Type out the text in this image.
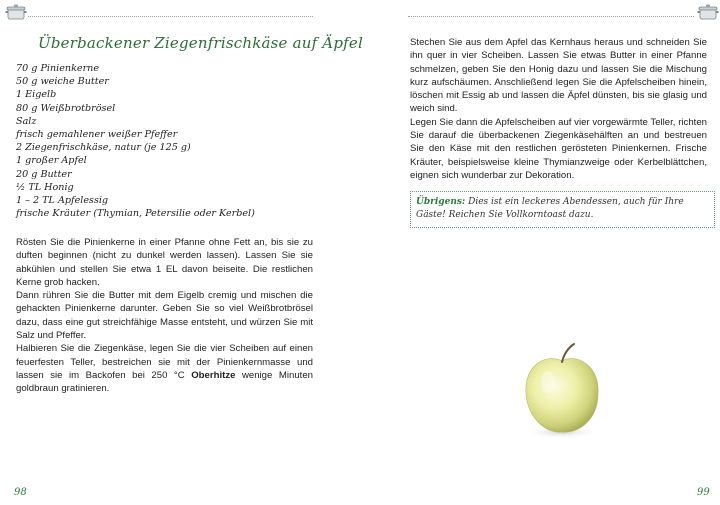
Überbackener Ziegenfrischkäse auf Äpfel
70 g Pinienkerne
50 g weiche Butter
1 Eigelb
80 g Weißbrotbrösel
Salz
frisch gemahlener weißer Pfeffer
2 Ziegenfrischkäse, natur (je 125 g)
1 großer Apfel
20 g Butter
½ TL Honig
1 – 2 TL Apfelessig
frische Kräuter (Thymian, Petersilie oder Kerbel)

Rösten Sie die Pinienkerne in einer Pfanne ohne Fett an, bis sie zu duften beginnen (nicht zu dunkel werden lassen). Lassen Sie sie abkühlen und stellen Sie etwa 1 EL davon beiseite. Die restlichen Kerne grob hacken.

Dann rühren Sie die Butter mit dem Eigelb cremig und mischen die gehackten Pinienkerne darunter. Geben Sie so viel Weißbrotbrösel dazu, dass eine gut streichfähige Masse entsteht, und würzen Sie mit Salz und Pfeffer.

Halbieren Sie die Ziegenkäse, legen Sie die vier Scheiben auf einen feuerfesten Teller, bestreichen sie mit der Pinienkernmasse und lassen sie im Backofen bei 250 °C Oberhitze wenige Minuten goldbraun gratinieren.

98

Stechen Sie aus dem Apfel das Kernhaus heraus und schneiden Sie ihn quer in vier Scheiben. Lassen Sie etwas Butter in einer Pfanne schmelzen, geben Sie den Honig dazu und lassen Sie die Mischung kurz aufschäumen. Anschließend legen Sie die Apfelscheiben hinein, löschen mit Essig ab und lassen die Äpfel dünsten, bis sie glasig und weich sind.

Legen Sie dann die Apfelscheiben auf vier vorgewärmte Teller, richten Sie darauf die überbackenen Ziegenkäsehälften an und bestreuen Sie den Käse mit den restlichen gerösteten Pinienkernen. Frische Kräuter, beispielsweise kleine Thymianzweige oder Kerbelblättchen, eignen sich wunderbar zur Dekoration.

Übrigens: Dies ist ein leckeres Abendessen, auch für Ihre Gäste! Reichen Sie Vollkorntoast dazu.
99
